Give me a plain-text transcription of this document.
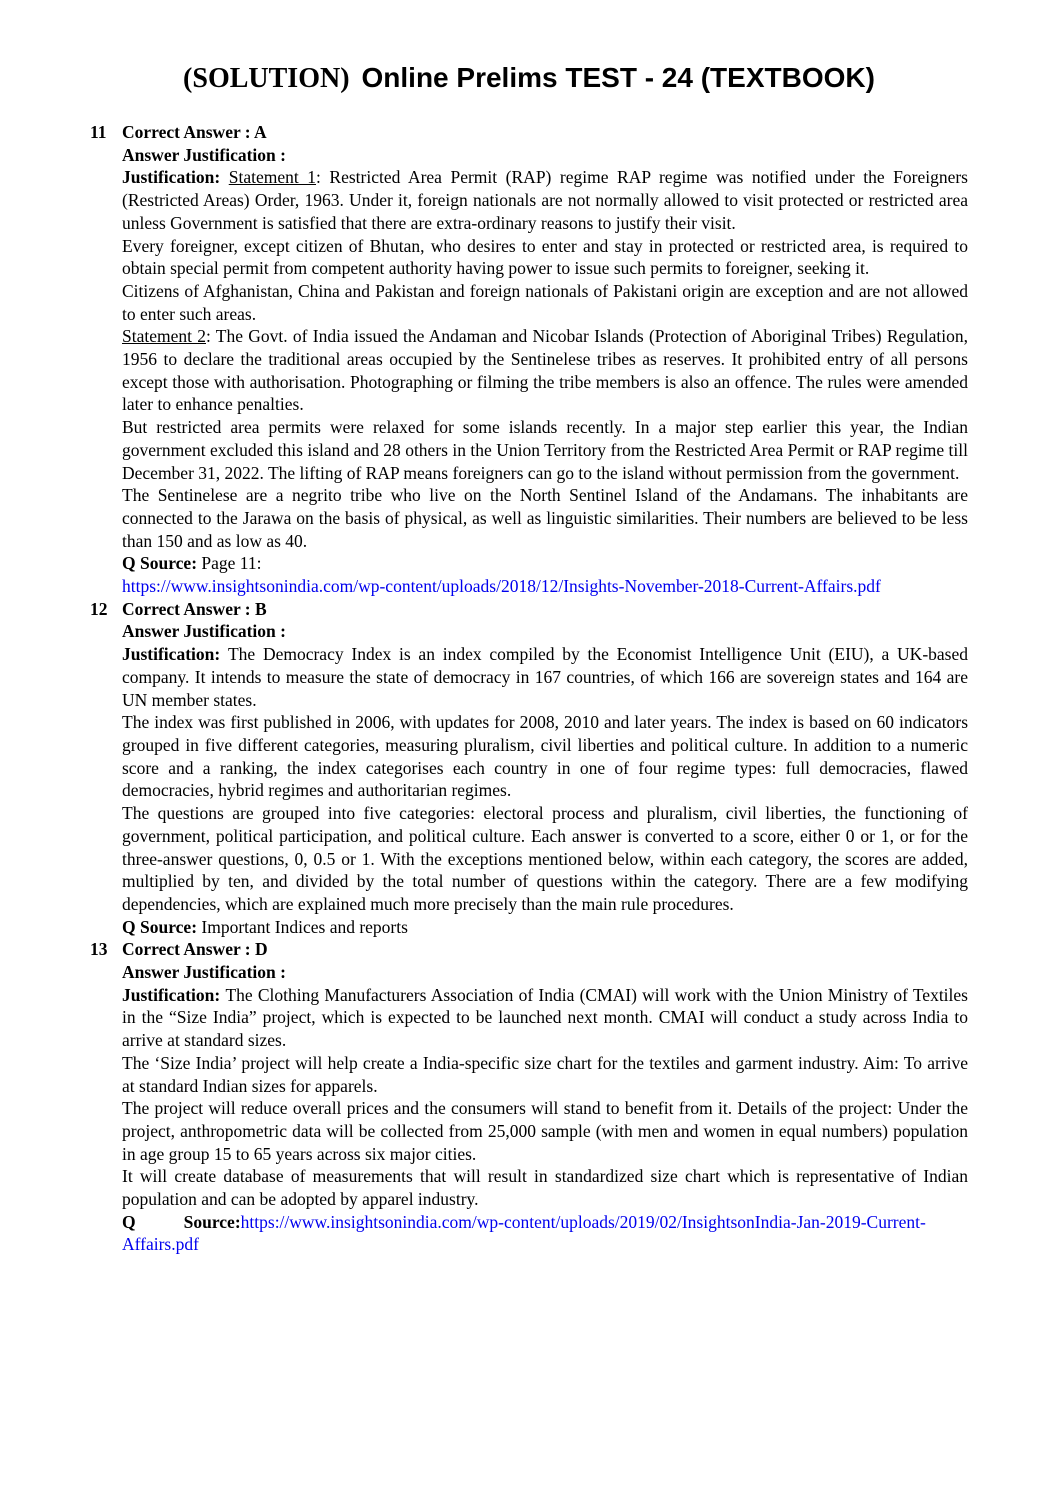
(SOLUTION) Online Prelims TEST - 24 (TEXTBOOK)
11 Correct Answer : A
Answer Justification :

Justification: Statement 1: Restricted Area Permit (RAP) regime RAP regime was notified under the Foreigners (Restricted Areas) Order, 1963. Under it, foreign nationals are not normally allowed to visit protected or restricted area unless Government is satisfied that there are extra-ordinary reasons to justify their visit.

Every foreigner, except citizen of Bhutan, who desires to enter and stay in protected or restricted area, is required to obtain special permit from competent authority having power to issue such permits to foreigner, seeking it.

Citizens of Afghanistan, China and Pakistan and foreign nationals of Pakistani origin are exception and are not allowed to enter such areas.

Statement 2: The Govt. of India issued the Andaman and Nicobar Islands (Protection of Aboriginal Tribes) Regulation, 1956 to declare the traditional areas occupied by the Sentinelese tribes as reserves. It prohibited entry of all persons except those with authorisation. Photographing or filming the tribe members is also an offence. The rules were amended later to enhance penalties.

But restricted area permits were relaxed for some islands recently. In a major step earlier this year, the Indian government excluded this island and 28 others in the Union Territory from the Restricted Area Permit or RAP regime till December 31, 2022. The lifting of RAP means foreigners can go to the island without permission from the government.

The Sentinelese are a negrito tribe who live on the North Sentinel Island of the Andamans. The inhabitants are connected to the Jarawa on the basis of physical, as well as linguistic similarities. Their numbers are believed to be less than 150 and as low as 40.

Q Source: Page 11:

https://www.insightsonindia.com/wp-content/uploads/2018/12/Insights-November-2018-Current-Affairs.pdf

12 Correct Answer : B
Answer Justification :

Justification: The Democracy Index is an index compiled by the Economist Intelligence Unit (EIU), a UK-based company. It intends to measure the state of democracy in 167 countries, of which 166 are sovereign states and 164 are UN member states.

The index was first published in 2006, with updates for 2008, 2010 and later years. The index is based on 60 indicators grouped in five different categories, measuring pluralism, civil liberties and political culture. In addition to a numeric score and a ranking, the index categorises each country in one of four regime types: full democracies, flawed democracies, hybrid regimes and authoritarian regimes.

The questions are grouped into five categories: electoral process and pluralism, civil liberties, the functioning of government, political participation, and political culture. Each answer is converted to a score, either 0 or 1, or for the three-answer questions, 0, 0.5 or 1. With the exceptions mentioned below, within each category, the scores are added, multiplied by ten, and divided by the total number of questions within the category. There are a few modifying dependencies, which are explained much more precisely than the main rule procedures.

Q Source: Important Indices and reports

13 Correct Answer : D
Answer Justification :

Justification: The Clothing Manufacturers Association of India (CMAI) will work with the Union Ministry of Textiles in the “Size India” project, which is expected to be launched next month. CMAI will conduct a study across India to arrive at standard sizes.

The ‘Size India’ project will help create a India-specific size chart for the textiles and garment industry. Aim: To arrive at standard Indian sizes for apparels.

The project will reduce overall prices and the consumers will stand to benefit from it. Details of the project: Under the project, anthropometric data will be collected from 25,000 sample (with men and women in equal numbers) population in age group 15 to 65 years across six major cities.

It will create database of measurements that will result in standardized size chart which is representative of Indian population and can be adopted by apparel industry.

Q	Source:https://www.insightsonindia.com/wp-content/uploads/2019/02/InsightsonIndia-Jan-2019-Current-Affairs.pdf
